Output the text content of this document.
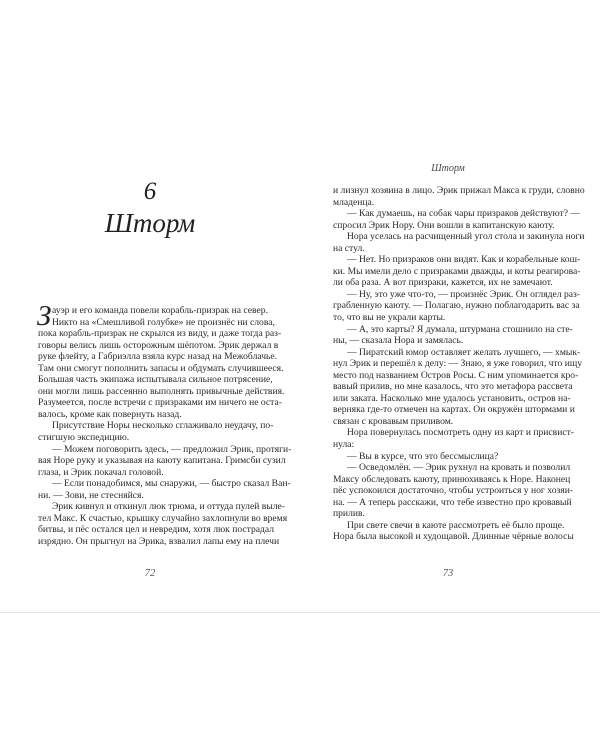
6
Шторм
З ауэр и его команда повели корабль-призрак на север.
Никто на «Смешливой голубке» не произнёс ни слова,
пока корабль-призрак не скрылся из виду, и даже тогда раз-
говоры велись лишь осторожным шёпотом. Эрик держал в
руке флейту, а Габриэлла взяла курс назад на Межоблачье.
Там они смогут пополнить запасы и обдумать случившееся.
Большая часть экипажа испытывала сильное потрясение,
они могли лишь рассеянно выполнять привычные действия.
Разумеется, после встречи с призраками им ничего не оста-
валось, кроме как повернуть назад.
Присутствие Норы несколько сглаживало неудачу, по-
стигшую экспедицию.
— Можем поговорить здесь, — предложил Эрик, протяги-
вая Норе руку и указывая на каюту капитана. Гримсби сузил
глаза, и Эрик покачал головой.
— Если понадобимся, мы снаружи, — быстро сказал Ван-
ни. — Зови, не стесняйся.
Эрик кивнул и откинул люк трюма, и оттуда пулей выле-
тел Макс. К счастью, крышку случайно захлопнули во время
битвы, и пёс остался цел и невредим, хотя люк пострадал
изрядно. Он прыгнул на Эрика, взвалил лапы ему на плечи
72
Шторм
и лизнул хозяина в лицо. Эрик прижал Макса к груди, словно
младенца.
— Как думаешь, на собак чары призраков действуют? —
спросил Эрик Нору. Они вошли в капитанскую каюту.
Нора уселась на расчищенный угол стола и закинула ноги
на стул.
— Нет. Но призраков они видят. Как и корабельные кош-
ки. Мы имели дело с призраками дважды, и коты реагирова-
ли оба раза. А вот призраки, кажется, их не замечают.
— Ну, это уже что-то, — произнёс Эрик. Он оглядел раз-
грабленную каюту. — Полагаю, нужно поблагодарить вас за
то, что вы не украли карты.
— А, это карты? Я думала, штурмана стошнило на сте-
ны, — сказала Нора и замялась.
— Пиратский юмор оставляет желать лучшего, — хмык-
нул Эрик и перешёл к делу: — Знаю, я уже говорил, что ищу
место под названием Остров Росы. С ним упоминается кро-
вавый прилив, но мне казалось, что это метафора рассвета
или заката. Насколько мне удалось установить, остров на-
верняка где-то отмечен на картах. Он окружён штормами и
связан с кровавым приливом.
Нора повернулась посмотреть одну из карт и присвист-
нула:
— Вы в курсе, что это бессмыслица?
— Осведомлён. — Эрик рухнул на кровать и позволил
Максу обследовать каюту, принюхиваясь к Норе. Наконец
пёс успокоился достаточно, чтобы устроиться у ног хозяи-
на. — А теперь расскажи, что тебе известно про кровавый
прилив.
При свете свечи в каюте рассмотреть её было проще.
Нора была высокой и худощавой. Длинные чёрные волосы
73
